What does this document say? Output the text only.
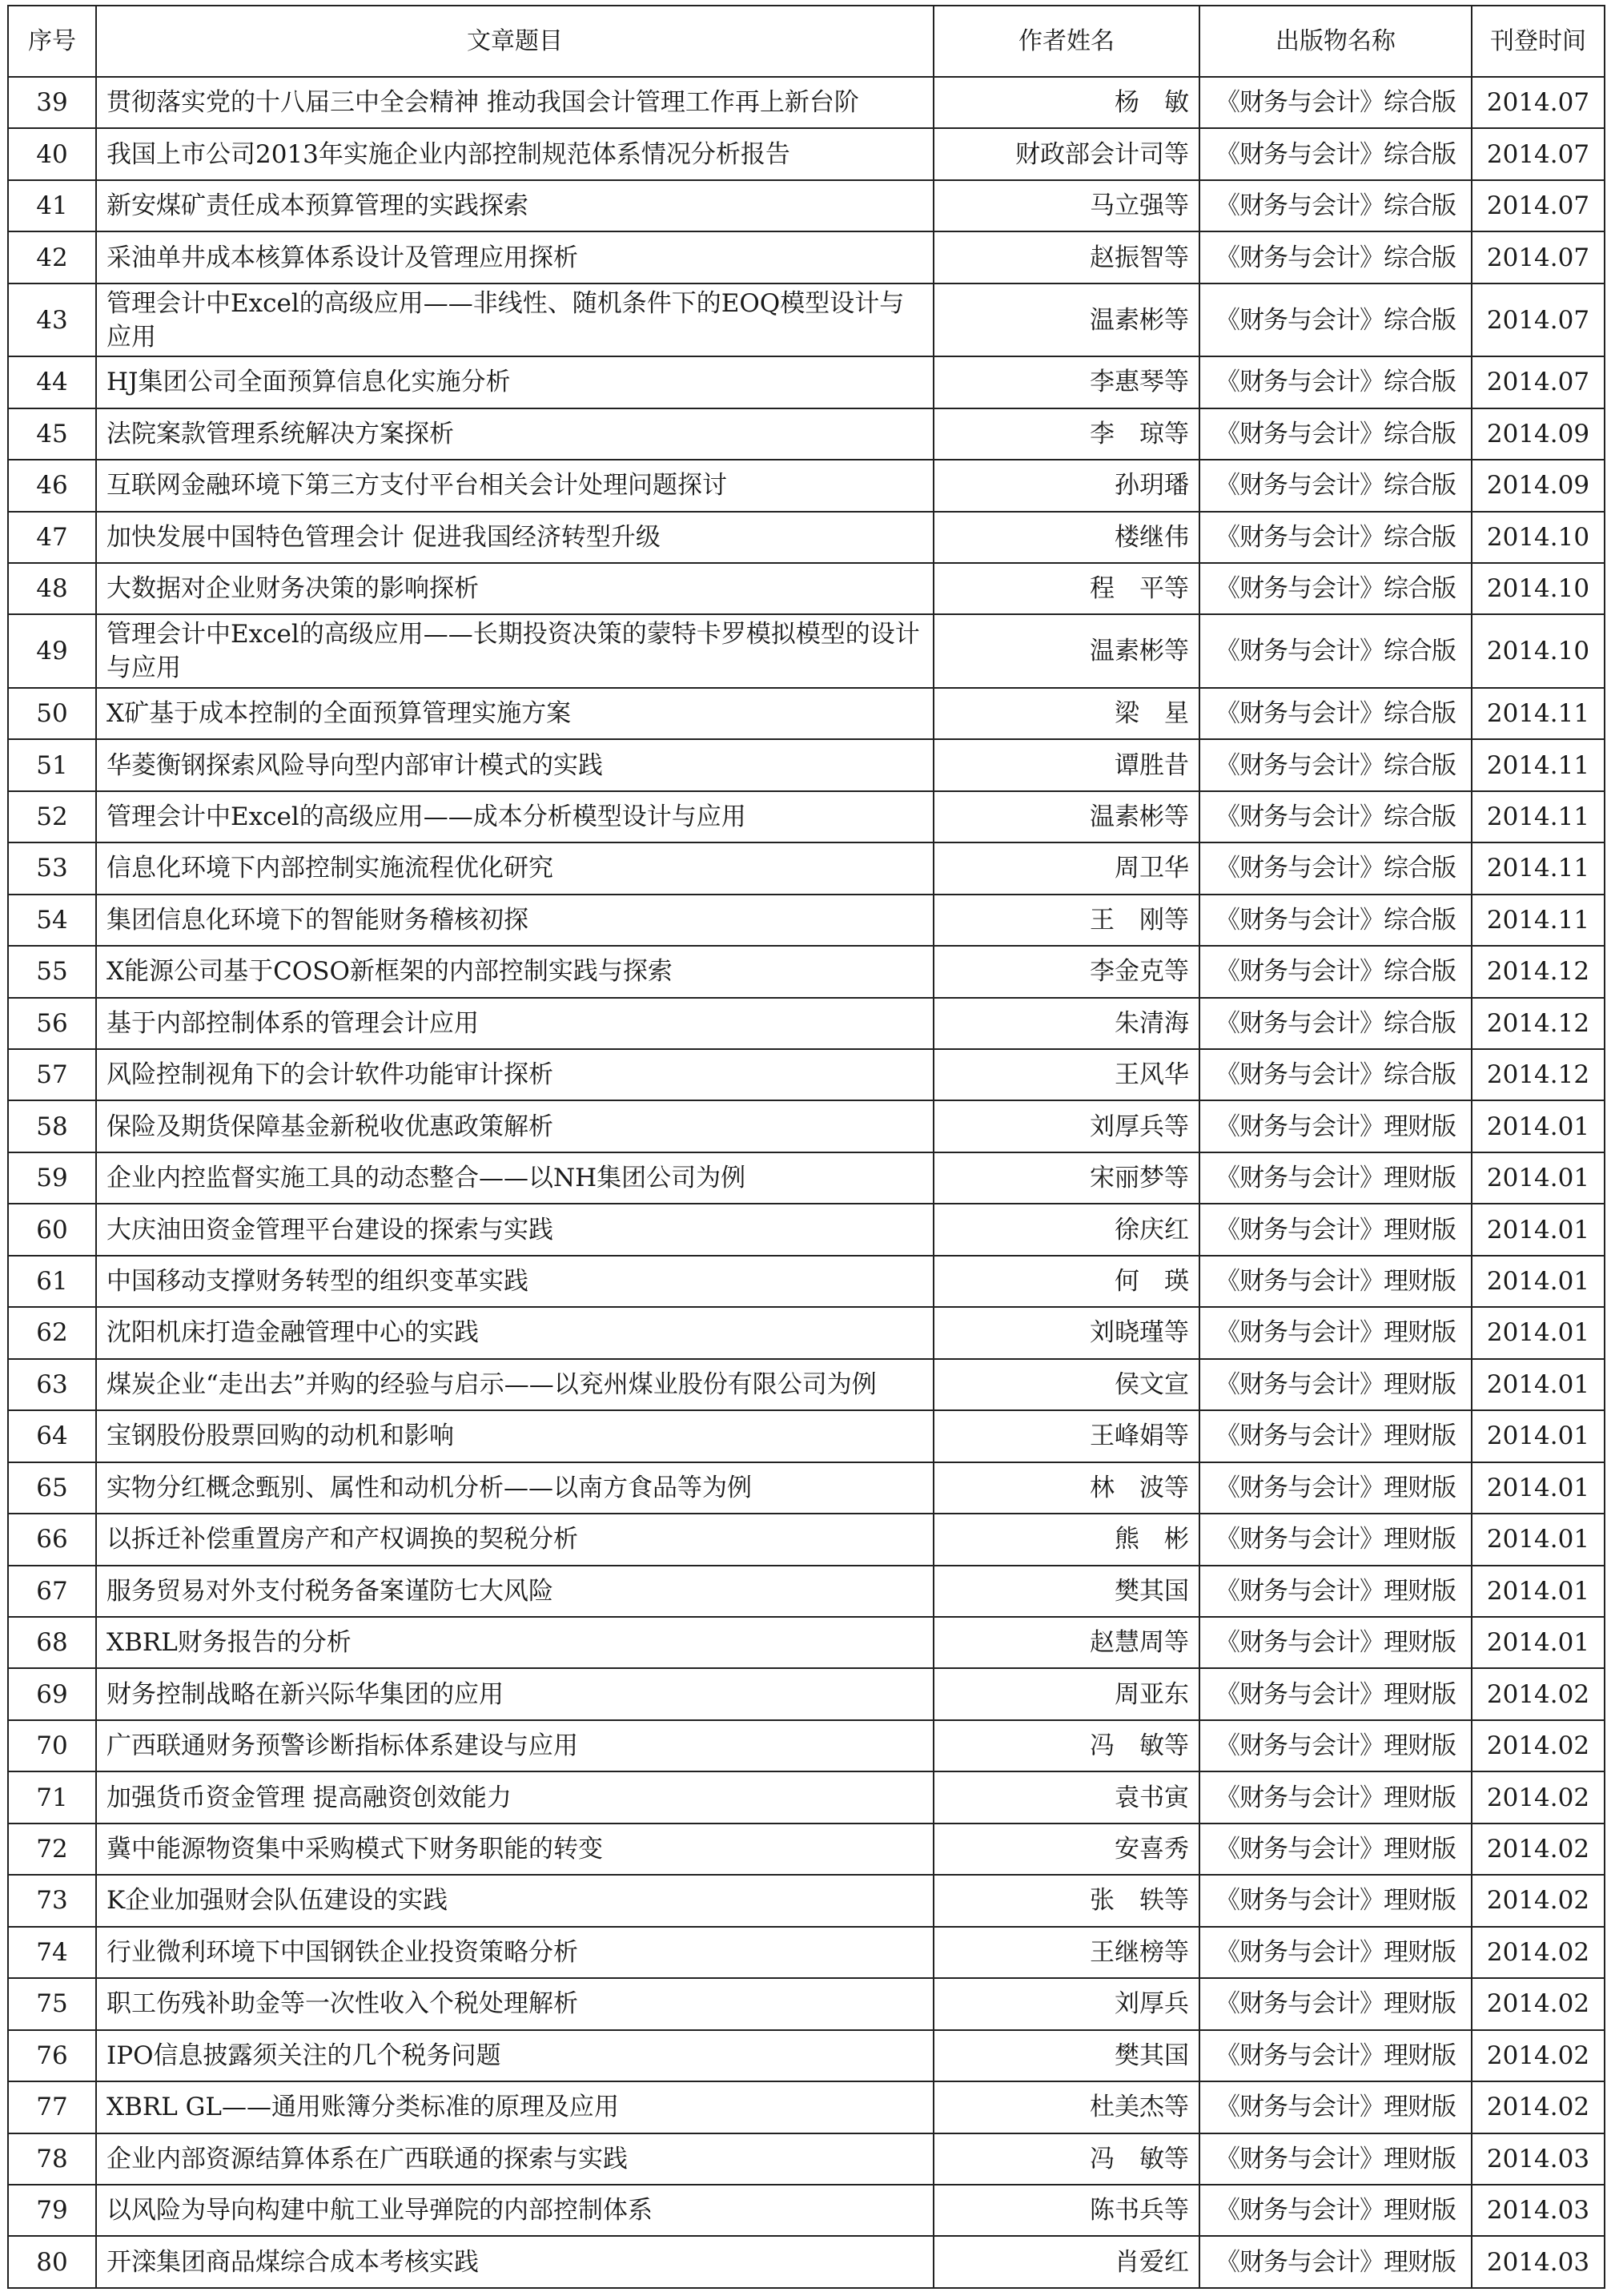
序号	文章题目	作者姓名	出版物名称	刊登时间
39	贯彻落实党的十八届三中全会精神 推动我国会计管理工作再上新台阶	杨　敏	《财务与会计》综合版	2014.07
40	我国上市公司2013年实施企业内部控制规范体系情况分析报告	财政部会计司等	《财务与会计》综合版	2014.07
41	新安煤矿责任成本预算管理的实践探索	马立强等	《财务与会计》综合版	2014.07
42	采油单井成本核算体系设计及管理应用探析	赵振智等	《财务与会计》综合版	2014.07
43	管理会计中Excel的高级应用——非线性、随机条件下的EOQ模型设计与应用	温素彬等	《财务与会计》综合版	2014.07
44	HJ集团公司全面预算信息化实施分析	李惠琴等	《财务与会计》综合版	2014.07
45	法院案款管理系统解决方案探析	李　琼等	《财务与会计》综合版	2014.09
46	互联网金融环境下第三方支付平台相关会计处理问题探讨	孙玥璠	《财务与会计》综合版	2014.09
47	加快发展中国特色管理会计 促进我国经济转型升级	楼继伟	《财务与会计》综合版	2014.10
48	大数据对企业财务决策的影响探析	程　平等	《财务与会计》综合版	2014.10
49	管理会计中Excel的高级应用——长期投资决策的蒙特卡罗模拟模型的设计与应用	温素彬等	《财务与会计》综合版	2014.10
50	X矿基于成本控制的全面预算管理实施方案	梁　星	《财务与会计》综合版	2014.11
51	华菱衡钢探索风险导向型内部审计模式的实践	谭胜昔	《财务与会计》综合版	2014.11
52	管理会计中Excel的高级应用——成本分析模型设计与应用	温素彬等	《财务与会计》综合版	2014.11
53	信息化环境下内部控制实施流程优化研究	周卫华	《财务与会计》综合版	2014.11
54	集团信息化环境下的智能财务稽核初探	王　刚等	《财务与会计》综合版	2014.11
55	X能源公司基于COSO新框架的内部控制实践与探索	李金克等	《财务与会计》综合版	2014.12
56	基于内部控制体系的管理会计应用	朱清海	《财务与会计》综合版	2014.12
57	风险控制视角下的会计软件功能审计探析	王风华	《财务与会计》综合版	2014.12
58	保险及期货保障基金新税收优惠政策解析	刘厚兵等	《财务与会计》理财版	2014.01
59	企业内控监督实施工具的动态整合——以NH集团公司为例	宋丽梦等	《财务与会计》理财版	2014.01
60	大庆油田资金管理平台建设的探索与实践	徐庆红	《财务与会计》理财版	2014.01
61	中国移动支撑财务转型的组织变革实践	何　瑛	《财务与会计》理财版	2014.01
62	沈阳机床打造金融管理中心的实践	刘晓瑾等	《财务与会计》理财版	2014.01
63	煤炭企业“走出去”并购的经验与启示——以兖州煤业股份有限公司为例	侯文宣	《财务与会计》理财版	2014.01
64	宝钢股份股票回购的动机和影响	王峰娟等	《财务与会计》理财版	2014.01
65	实物分红概念甄别、属性和动机分析——以南方食品等为例	林　波等	《财务与会计》理财版	2014.01
66	以拆迁补偿重置房产和产权调换的契税分析	熊　彬	《财务与会计》理财版	2014.01
67	服务贸易对外支付税务备案谨防七大风险	樊其国	《财务与会计》理财版	2014.01
68	XBRL财务报告的分析	赵慧周等	《财务与会计》理财版	2014.01
69	财务控制战略在新兴际华集团的应用	周亚东	《财务与会计》理财版	2014.02
70	广西联通财务预警诊断指标体系建设与应用	冯　敏等	《财务与会计》理财版	2014.02
71	加强货币资金管理 提高融资创效能力	袁书寅	《财务与会计》理财版	2014.02
72	冀中能源物资集中采购模式下财务职能的转变	安喜秀	《财务与会计》理财版	2014.02
73	K企业加强财会队伍建设的实践	张　轶等	《财务与会计》理财版	2014.02
74	行业微利环境下中国钢铁企业投资策略分析	王继榜等	《财务与会计》理财版	2014.02
75	职工伤残补助金等一次性收入个税处理解析	刘厚兵	《财务与会计》理财版	2014.02
76	IPO信息披露须关注的几个税务问题	樊其国	《财务与会计》理财版	2014.02
77	XBRL GL——通用账簿分类标准的原理及应用	杜美杰等	《财务与会计》理财版	2014.02
78	企业内部资源结算体系在广西联通的探索与实践	冯　敏等	《财务与会计》理财版	2014.03
79	以风险为导向构建中航工业导弹院的内部控制体系	陈书兵等	《财务与会计》理财版	2014.03
80	开滦集团商品煤综合成本考核实践	肖爱红	《财务与会计》理财版	2014.03
